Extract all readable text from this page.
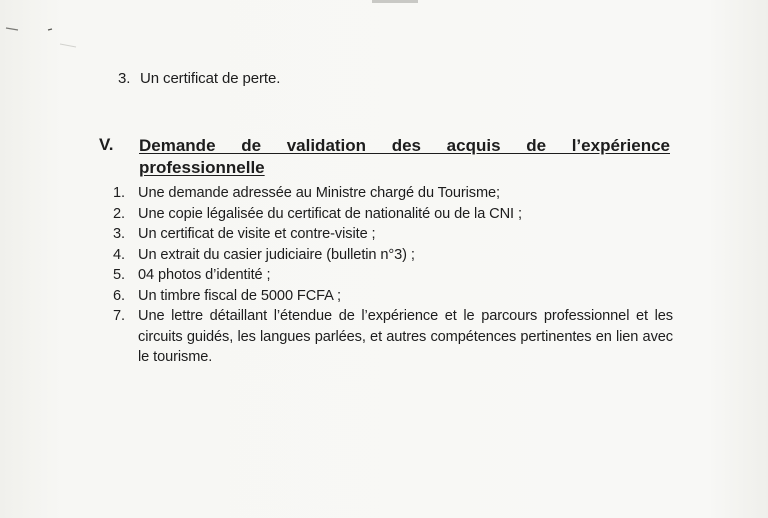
3. Un certificat de perte.
V. Demande de validation des acquis de l’expérience
professionnelle
1. Une demande adressée au Ministre chargé du Tourisme;
2. Une copie légalisée du certificat de nationalité ou de la CNI ;
3. Un certificat de visite et contre-visite ;
4. Un extrait du casier judiciaire (bulletin n°3) ;
5. 04 photos d’identité ;
6. Un timbre fiscal de 5000 FCFA ;
7. Une lettre détaillant l’étendue de l’expérience et le parcours professionnel et les circuits guidés, les langues parlées, et autres compétences pertinentes en lien avec le tourisme.
